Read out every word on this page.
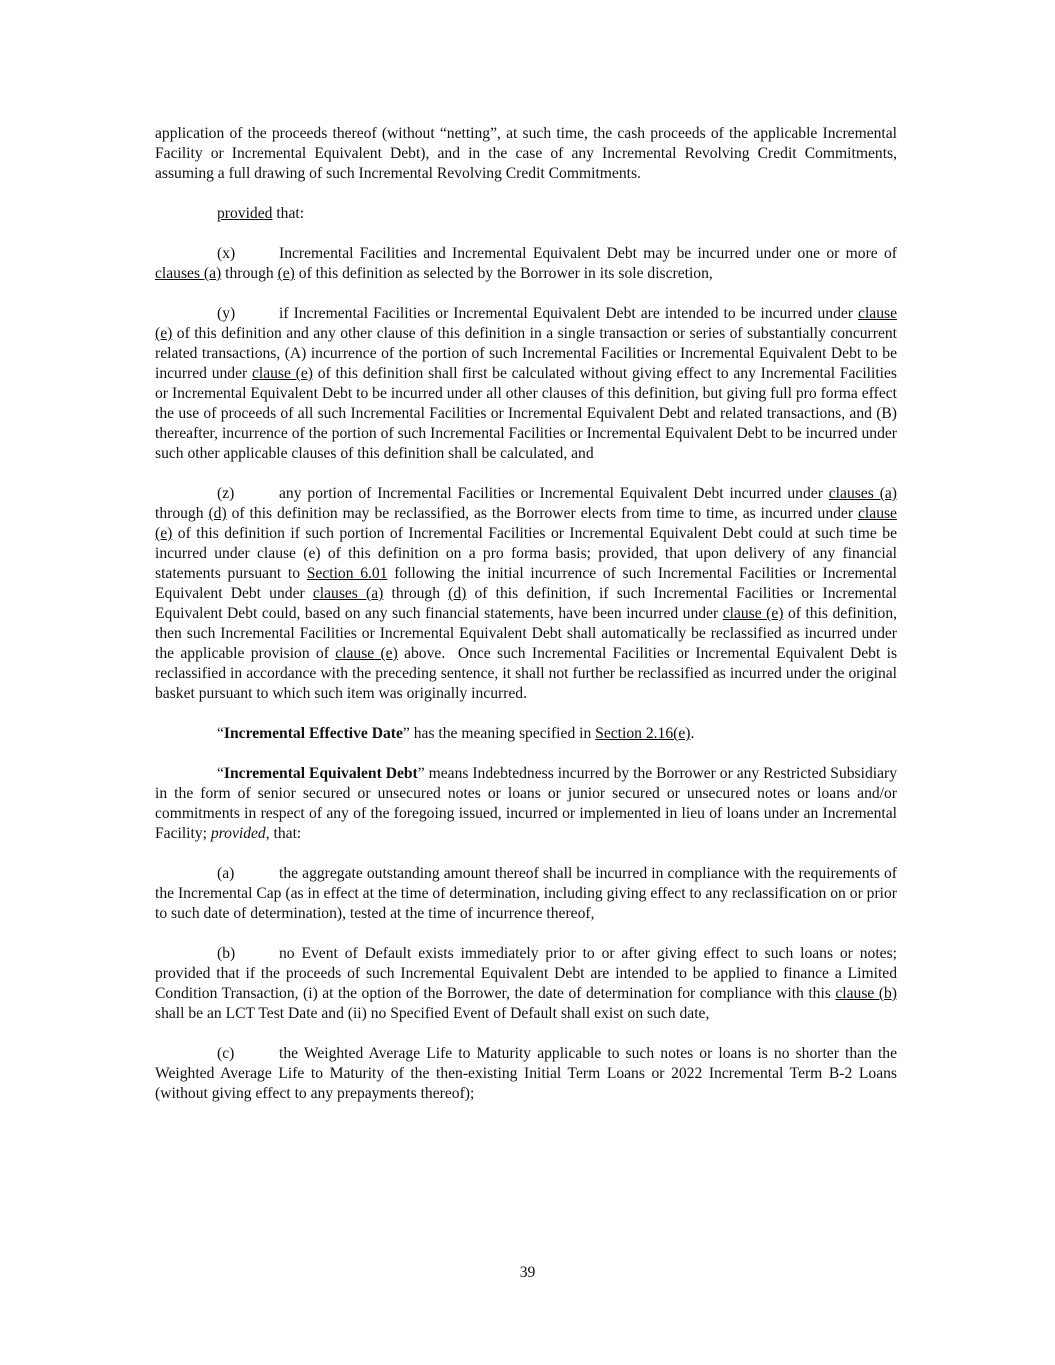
application of the proceeds thereof (without “netting”, at such time, the cash proceeds of the applicable Incremental Facility or Incremental Equivalent Debt), and in the case of any Incremental Revolving Credit Commitments, assuming a full drawing of such Incremental Revolving Credit Commitments.

provided that:

(x)	Incremental Facilities and Incremental Equivalent Debt may be incurred under one or more of clauses (a) through (e) of this definition as selected by the Borrower in its sole discretion,

(y)	if Incremental Facilities or Incremental Equivalent Debt are intended to be incurred under clause (e) of this definition and any other clause of this definition in a single transaction or series of substantially concurrent related transactions, (A) incurrence of the portion of such Incremental Facilities or Incremental Equivalent Debt to be incurred under clause (e) of this definition shall first be calculated without giving effect to any Incremental Facilities or Incremental Equivalent Debt to be incurred under all other clauses of this definition, but giving full pro forma effect the use of proceeds of all such Incremental Facilities or Incremental Equivalent Debt and related transactions, and (B) thereafter, incurrence of the portion of such Incremental Facilities or Incremental Equivalent Debt to be incurred under such other applicable clauses of this definition shall be calculated, and

(z)	any portion of Incremental Facilities or Incremental Equivalent Debt incurred under clauses (a) through (d) of this definition may be reclassified, as the Borrower elects from time to time, as incurred under clause (e) of this definition if such portion of Incremental Facilities or Incremental Equivalent Debt could at such time be incurred under clause (e) of this definition on a pro forma basis; provided, that upon delivery of any financial statements pursuant to Section 6.01 following the initial incurrence of such Incremental Facilities or Incremental Equivalent Debt under clauses (a) through (d) of this definition, if such Incremental Facilities or Incremental Equivalent Debt could, based on any such financial statements, have been incurred under clause (e) of this definition, then such Incremental Facilities or Incremental Equivalent Debt shall automatically be reclassified as incurred under the applicable provision of clause (e) above.  Once such Incremental Facilities or Incremental Equivalent Debt is reclassified in accordance with the preceding sentence, it shall not further be reclassified as incurred under the original basket pursuant to which such item was originally incurred.

“Incremental Effective Date” has the meaning specified in Section 2.16(e).

“Incremental Equivalent Debt” means Indebtedness incurred by the Borrower or any Restricted Subsidiary in the form of senior secured or unsecured notes or loans or junior secured or unsecured notes or loans and/or commitments in respect of any of the foregoing issued, incurred or implemented in lieu of loans under an Incremental Facility; provided, that:

(a)	the aggregate outstanding amount thereof shall be incurred in compliance with the requirements of the Incremental Cap (as in effect at the time of determination, including giving effect to any reclassification on or prior to such date of determination), tested at the time of incurrence thereof,

(b)	no Event of Default exists immediately prior to or after giving effect to such loans or notes; provided that if the proceeds of such Incremental Equivalent Debt are intended to be applied to finance a Limited Condition Transaction, (i) at the option of the Borrower, the date of determination for compliance with this clause (b) shall be an LCT Test Date and (ii) no Specified Event of Default shall exist on such date,

(c)	the Weighted Average Life to Maturity applicable to such notes or loans is no shorter than the Weighted Average Life to Maturity of the then-existing Initial Term Loans or 2022 Incremental Term B-2 Loans (without giving effect to any prepayments thereof);

39
